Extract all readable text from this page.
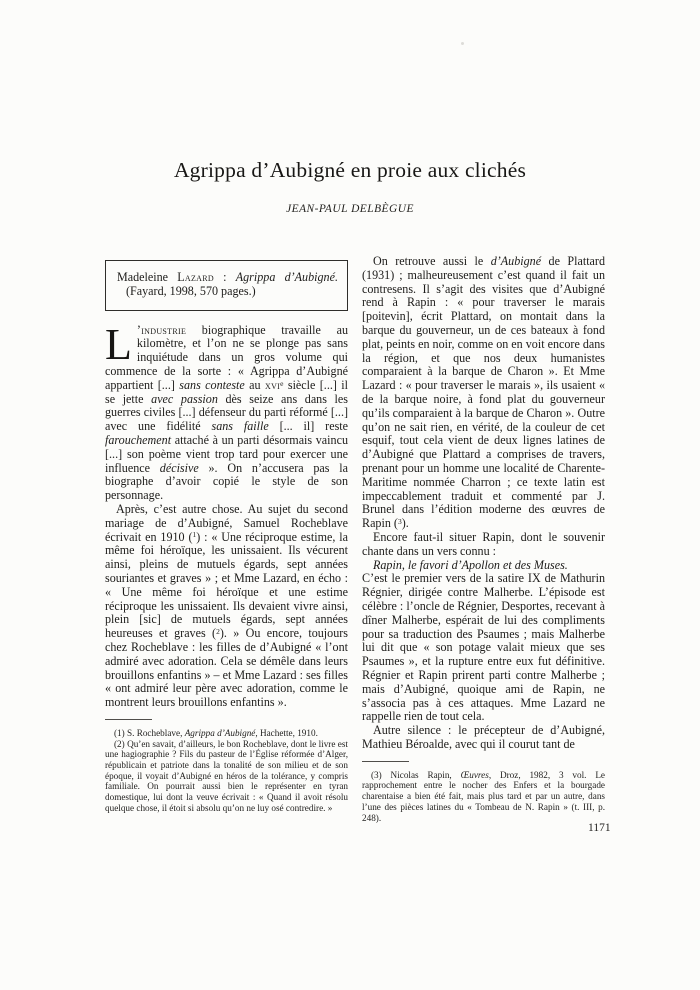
Agrippa d’Aubigné en proie aux clichés
JEAN-PAUL DELBÈGUE
Madeleine Lazard : Agrippa d’Aubigné.
(Fayard, 1998, 570 pages.)

L ’industrie biographique travaille au kilomètre, et l’on ne se plonge pas sans inquiétude dans un gros volume qui commence de la sorte : « Agrippa d’Aubigné appartient [...] sans conteste au xvi$^e$ siècle [...] il se jette avec passion dès seize ans dans les guerres civiles [...] défenseur du parti réformé [...] avec une fidélité sans faille [... il] reste farouchement attaché à un parti désormais vaincu [...] son poème vient trop tard pour exercer une influence décisive ». On n’accusera pas la biographe d’avoir copié le style de son personnage.

Après, c’est autre chose. Au sujet du second mariage de d’Aubigné, Samuel Rocheblave écrivait en 1910 ($^1$) : « Une réciproque estime, la même foi héroïque, les unissaient. Ils vécurent ainsi, pleins de mutuels égards, sept années souriantes et graves » ; et Mme Lazard, en écho : « Une même foi héroïque et une estime réciproque les unissaient. Ils devaient vivre ainsi, plein [sic] de mutuels égards, sept années heureuses et graves ($^2$). » Ou encore, toujours chez Rocheblave : les filles de d’Aubigné « l’ont admiré avec adoration. Cela se démêle dans leurs brouillons enfantins » – et Mme Lazard : ses filles « ont admiré leur père avec adoration, comme le montrent leurs brouillons enfantins ».

(1) S. Rocheblave, Agrippa d’Aubigné, Hachette, 1910.

(2) Qu’en savait, d’ailleurs, le bon Rocheblave, dont le livre est une hagiographie ? Fils du pasteur de l’Église réformée d’Alger, républicain et patriote dans la tonalité de son milieu et de son époque, il voyait d’Aubigné en héros de la tolérance, y compris familiale. On pourrait aussi bien le représenter en tyran domestique, lui dont la veuve écrivait : « Quand il avoit résolu quelque chose, il étoit si absolu qu’on ne luy osé contredire. »

On retrouve aussi le d’Aubigné de Plattard (1931) ; malheureusement c’est quand il fait un contresens. Il s’agit des visites que d’Aubigné rend à Rapin : « pour traverser le marais [poitevin], écrit Plattard, on montait dans la barque du gouverneur, un de ces bateaux à fond plat, peints en noir, comme on en voit encore dans la région, et que nos deux humanistes comparaient à la barque de Charon ». Et Mme Lazard : « pour traverser le marais », ils usaient « de la barque noire, à fond plat du gouverneur qu’ils comparaient à la barque de Charon ». Outre qu’on ne sait rien, en vérité, de la couleur de cet esquif, tout cela vient de deux lignes latines de d’Aubigné que Plattard a comprises de travers, prenant pour un homme une localité de Charente-Maritime nommée Charron ; ce texte latin est impeccablement traduit et commenté par J. Brunel dans l’édition moderne des œuvres de Rapin ($^3$).

Encore faut-il situer Rapin, dont le souvenir chante dans un vers connu :

Rapin, le favori d’Apollon et des Muses.

C’est le premier vers de la satire IX de Mathurin Régnier, dirigée contre Malherbe. L’épisode est célèbre : l’oncle de Régnier, Desportes, recevant à dîner Malherbe, espérait de lui des compliments pour sa traduction des Psaumes ; mais Malherbe lui dit que « son potage valait mieux que ses Psaumes », et la rupture entre eux fut définitive. Régnier et Rapin prirent parti contre Malherbe ; mais d’Aubigné, quoique ami de Rapin, ne s’associa pas à ces attaques. Mme Lazard ne rappelle rien de tout cela.

Autre silence : le précepteur de d’Aubigné, Mathieu Béroalde, avec qui il courut tant de

(3) Nicolas Rapin, Œuvres, Droz, 1982, 3 vol. Le rapprochement entre le nocher des Enfers et la bourgade charentaise a bien été fait, mais plus tard et par un autre, dans l’une des pièces latines du « Tombeau de N. Rapin » (t. III, p. 248).

1171
